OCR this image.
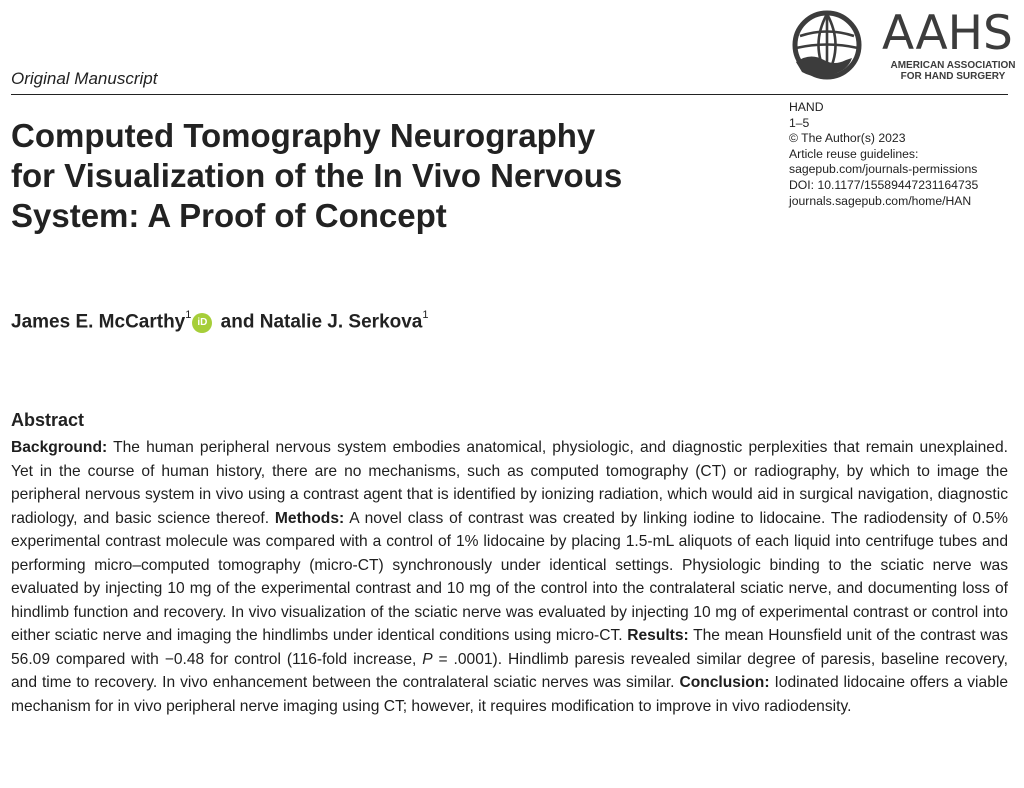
Original Manuscript
AAHS
AMERICAN ASSOCIATION
FOR HAND SURGERY
HAND
1–5
© The Author(s) 2023
Article reuse guidelines:
sagepub.com/journals-permissions
DOI: 10.1177/15589447231164735
journals.sagepub.com/home/HAN
Computed Tomography Neurography
for Visualization of the In Vivo Nervous
System: A Proof of Concept
James E. McCarthy$^1$iD and Natalie J. Serkova$^1$
Abstract

Background: The human peripheral nervous system embodies anatomical, physiologic, and diagnostic perplexities that remain unexplained. Yet in the course of human history, there are no mechanisms, such as computed tomography (CT) or radiography, by which to image the peripheral nervous system in vivo using a contrast agent that is identified by ionizing radiation, which would aid in surgical navigation, diagnostic radiology, and basic science thereof. Methods: A novel class of contrast was created by linking iodine to lidocaine. The radiodensity of 0.5% experimental contrast molecule was compared with a control of 1% lidocaine by placing 1.5-mL aliquots of each liquid into centrifuge tubes and performing micro–computed tomography (micro-CT) synchronously under identical settings. Physiologic binding to the sciatic nerve was evaluated by injecting 10 mg of the experimental contrast and 10 mg of the control into the contralateral sciatic nerve, and documenting loss of hindlimb function and recovery. In vivo visualization of the sciatic nerve was evaluated by injecting 10 mg of experimental contrast or control into either sciatic nerve and imaging the hindlimbs under identical conditions using micro-CT. Results: The mean Hounsfield unit of the contrast was 56.09 compared with −0.48 for control (116-fold increase, P = .0001). Hindlimb paresis revealed similar degree of paresis, baseline recovery, and time to recovery. In vivo enhancement between the contralateral sciatic nerves was similar. Conclusion: Iodinated lidocaine offers a viable mechanism for in vivo peripheral nerve imaging using CT; however, it requires modification to improve in vivo radiodensity.
